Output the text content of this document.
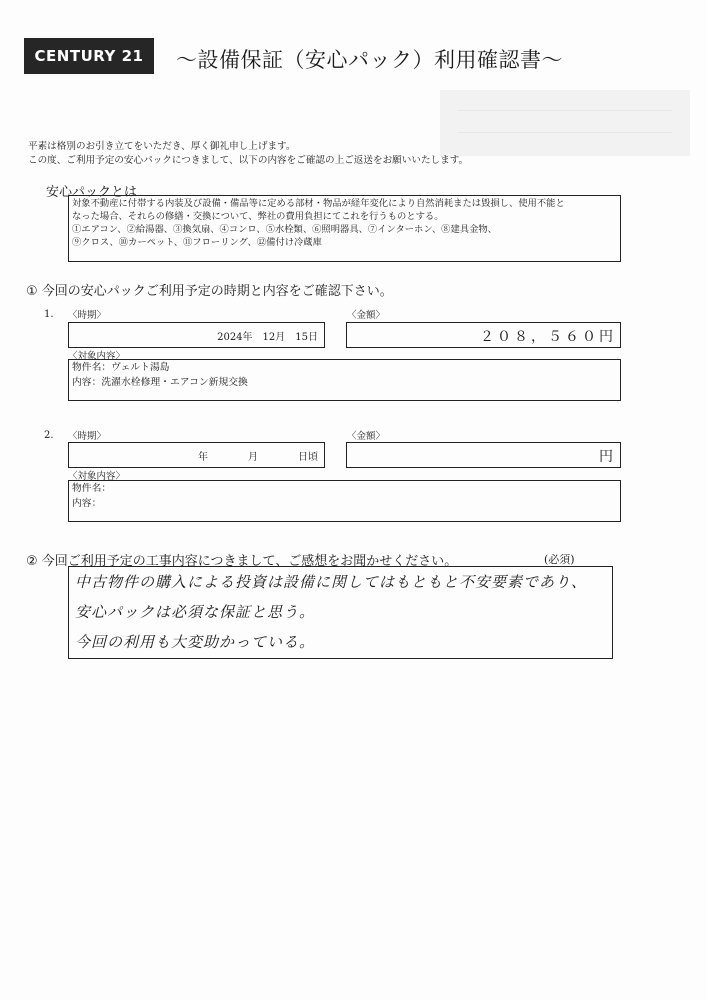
CENTURY 21	〜設備保証（安心パック）利用確認書〜
平素は格別のお引き立てをいただき、厚く御礼申し上げます。
この度、ご利用予定の安心パックにつきまして、以下の内容をご確認の上ご返送をお願いいたします。
安心パックとは
対象不動産に付帯する内装及び設備・備品等に定める部材・物品が経年変化により自然消耗または毀損し、使用不能と
なった場合、それらの修繕・交換について、弊社の費用負担にてこれを行うものとする。
①エアコン、②給湯器、③換気扇、④コンロ、⑤水栓類、⑥照明器具、⑦インターホン、⑧建具金物、
⑨クロス、⑩カーペット、⑪フローリング、⑫備付け冷蔵庫
① 今回の安心パックご利用予定の時期と内容をご確認下さい。
1. 〈時期〉
2024年　12月　15日
〈金額〉
２０８，５６０円
〈対象内容〉
物件名：ヴェルト湯島
内容：洗濯水栓修理・エアコン新規交換
2. 〈時期〉
年　　　　月　　　　日頃
〈金額〉
円
〈対象内容〉
物件名：
内容：
② 今回ご利用予定の工事内容につきまして、ご感想をお聞かせください。	(必須)
中古物件の購入による投資は設備に関してはもともと不安要素であり、
安心パックは必須な保証と思う。
今回の利用も大変助かっている。
